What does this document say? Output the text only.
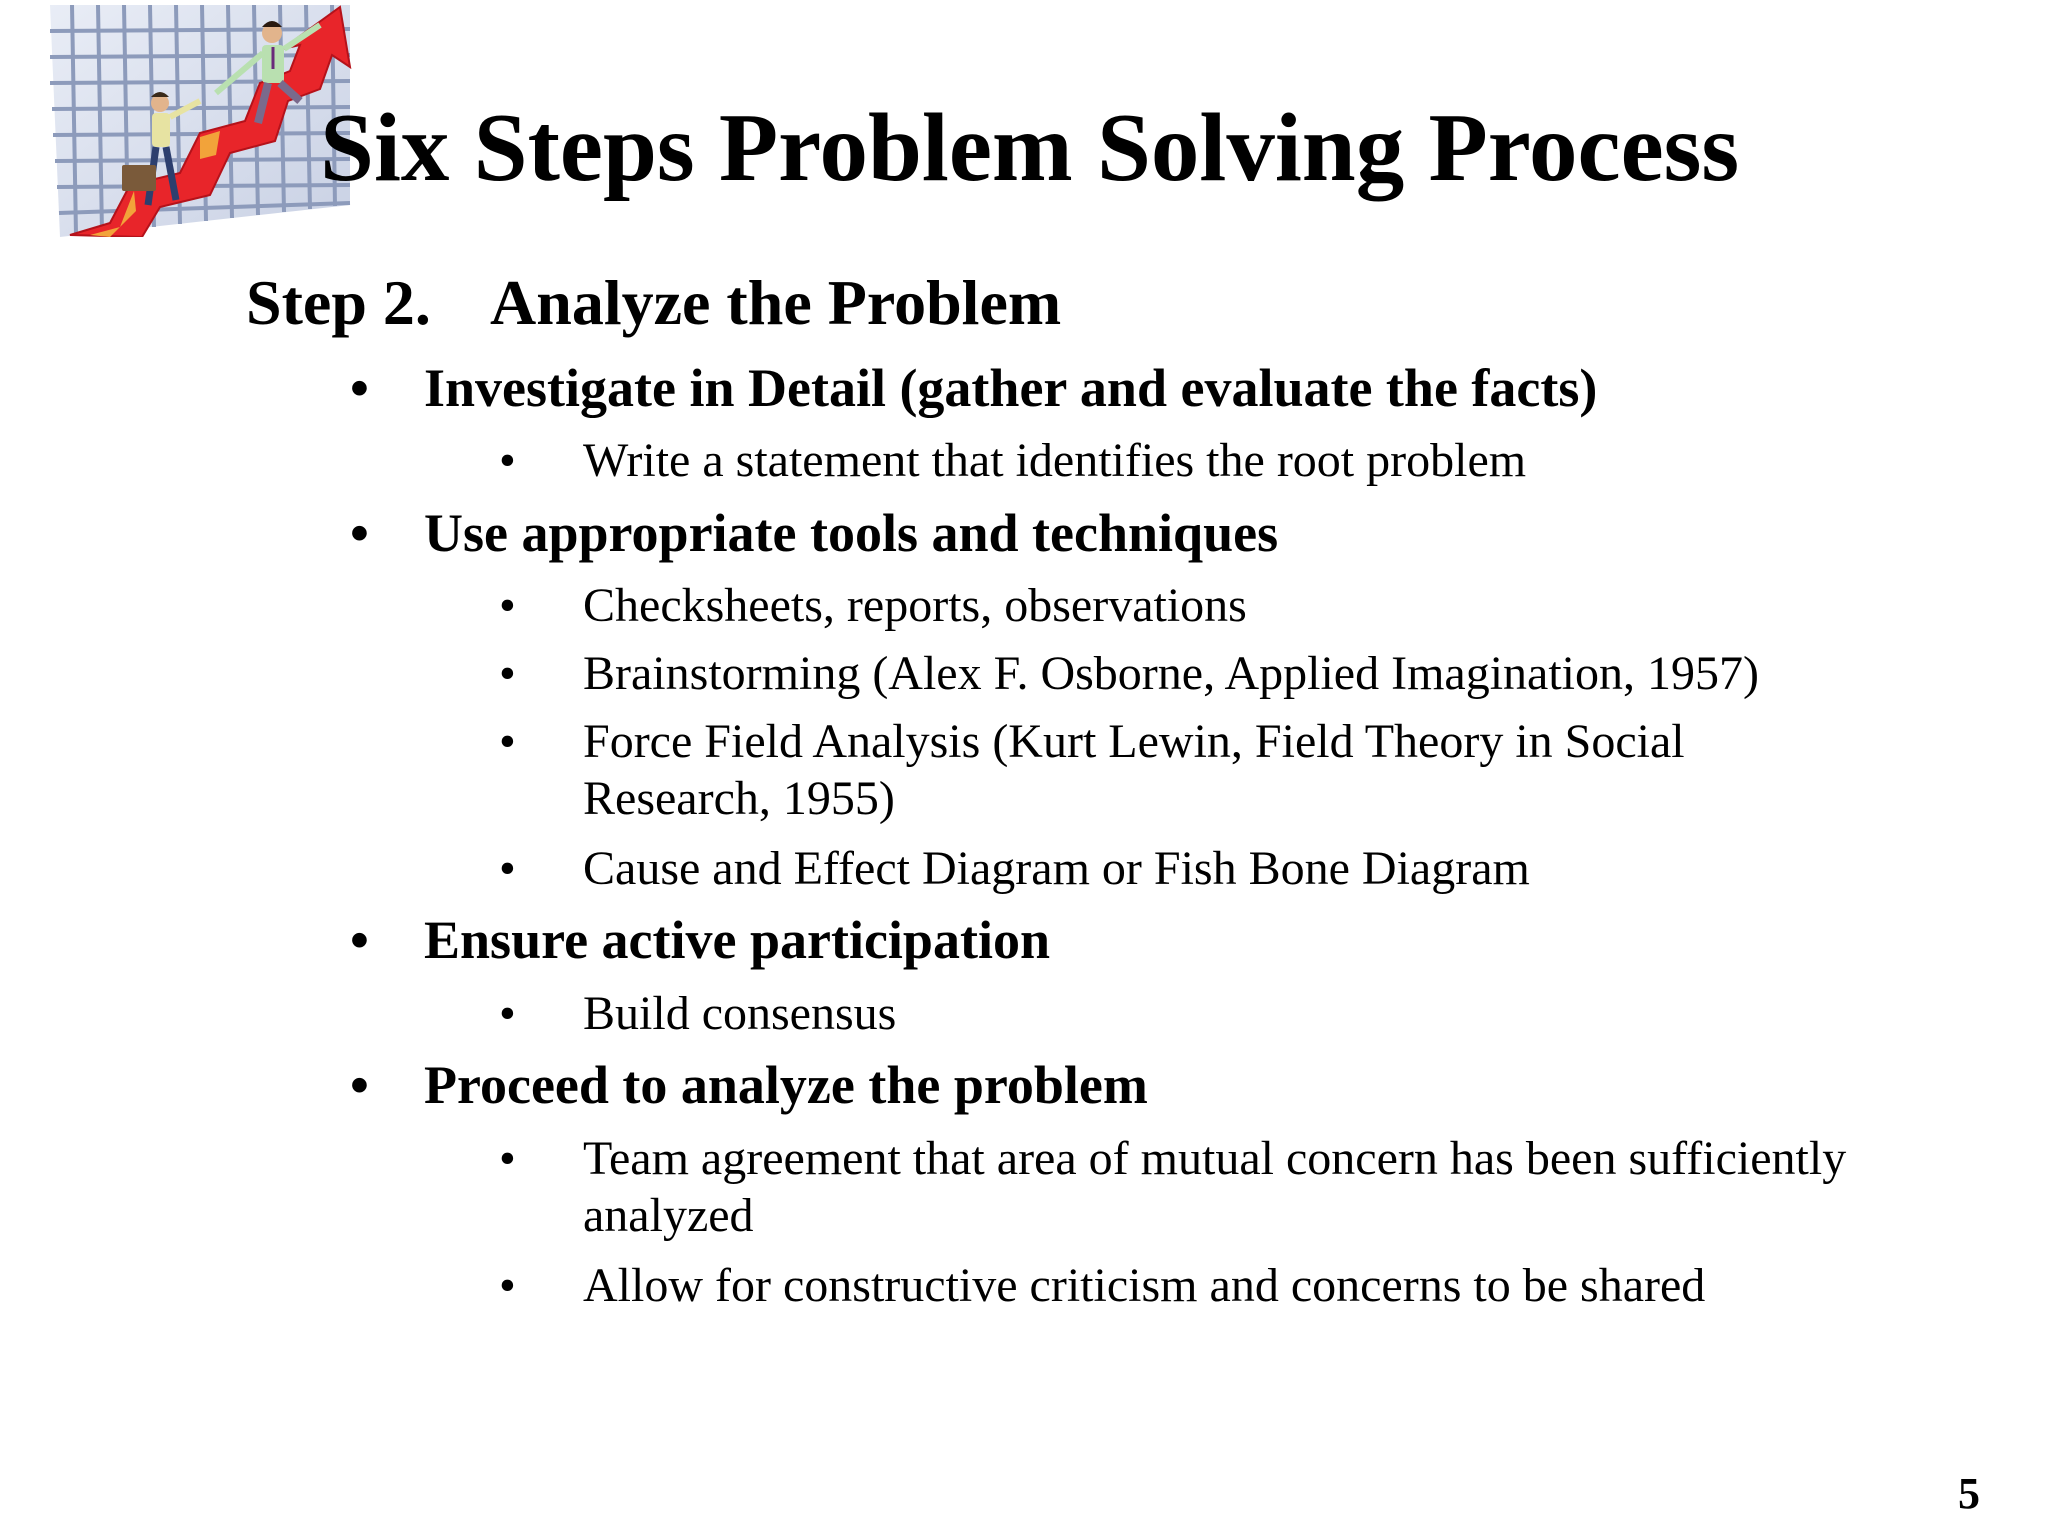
Six Steps Problem Solving Process
Step 2. Analyze the Problem
• Investigate in Detail (gather and evaluate the facts)
• Write a statement that identifies the root problem
• Use appropriate tools and techniques
• Checksheets, reports, observations
• Brainstorming (Alex F. Osborne, Applied Imagination, 1957)
• Force Field Analysis (Kurt Lewin, Field Theory in Social
Research, 1955)
• Cause and Effect Diagram or Fish Bone Diagram
• Ensure active participation
• Build consensus
• Proceed to analyze the problem
• Team agreement that area of mutual concern has been sufficiently
analyzed
• Allow for constructive criticism and concerns to be shared
5
